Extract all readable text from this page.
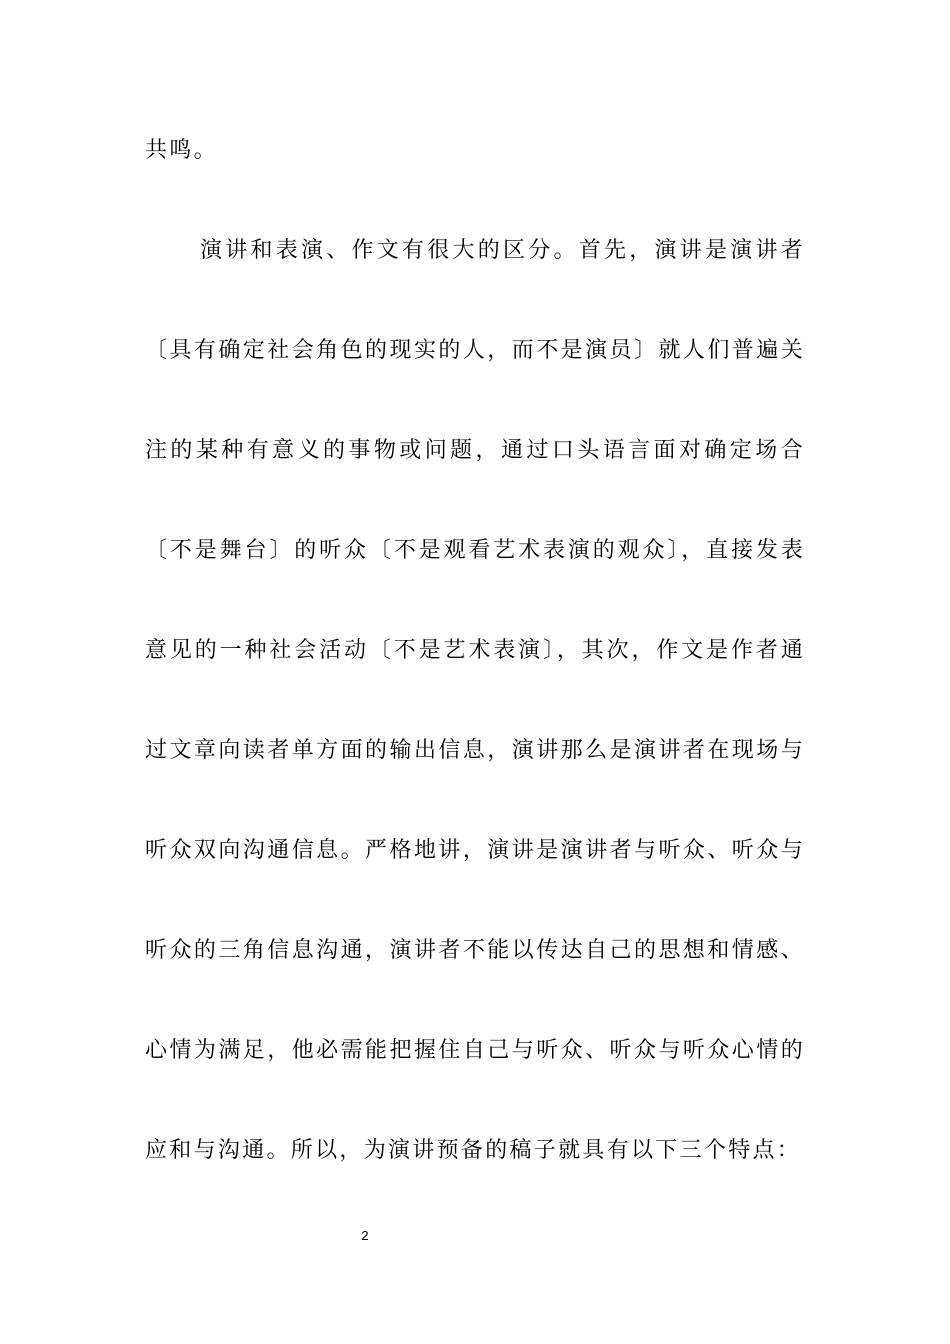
共鸣。
演讲和表演、作文有很大的区分。首先，演讲是演讲者
〔具有确定社会角色的现实的人，而不是演员〕就人们普遍关
注的某种有意义的事物或问题，通过口头语言面对确定场合
〔不是舞台〕的听众〔不是观看艺术表演的观众〕，直接发表
意见的一种社会活动〔不是艺术表演〕，其次，作文是作者通
过文章向读者单方面的输出信息，演讲那么是演讲者在现场与
听众双向沟通信息。严格地讲，演讲是演讲者与听众、听众与
听众的三角信息沟通，演讲者不能以传达自己的思想和情感、
心情为满足，他必需能把握住自己与听众、听众与听众心情的
应和与沟通。所以，为演讲预备的稿子就具有以下三个特点：
2
